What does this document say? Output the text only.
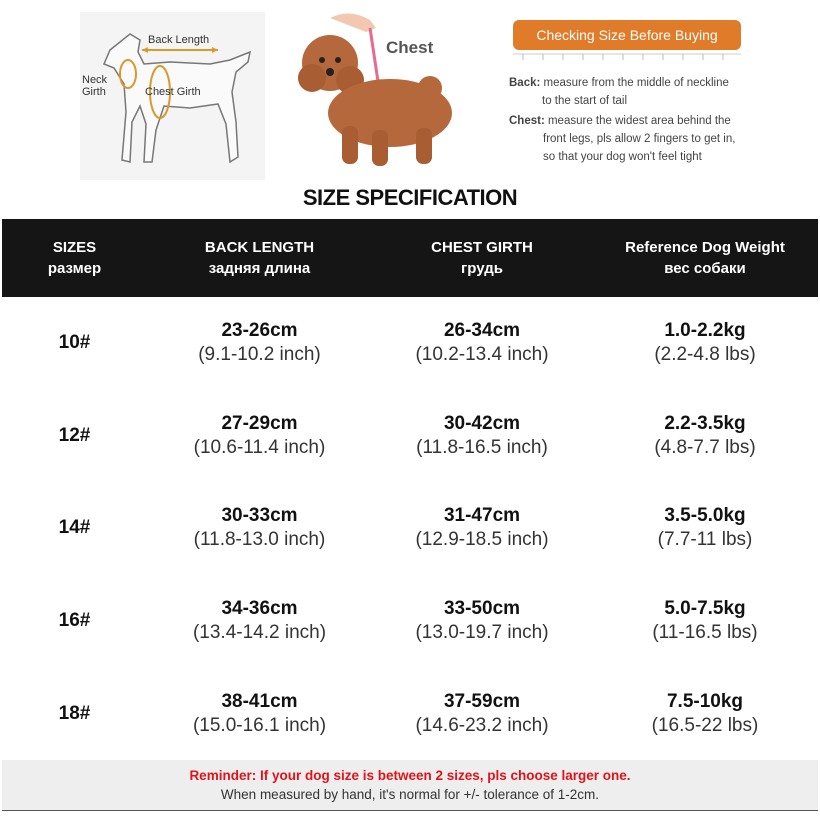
Back Length
Neck
Girth	Chest Girth
Chest
Checking Size Before Buying
Back: measure from the middle of neckline
to the start of tail
Chest: measure the widest area behind the
front legs, pls allow 2 fingers to get in,
so that your dog won't feel tight
SIZE SPECIFICATION
SIZES
размер
BACK LENGTH
задняя длина
CHEST GIRTH
грудь
Reference Dog Weight
вес собаки
10#
23-26cm
(9.1-10.2 inch)
26-34cm
(10.2-13.4 inch)
1.0-2.2kg
(2.2-4.8 lbs)
12#
27-29cm
(10.6-11.4 inch)
30-42cm
(11.8-16.5 inch)
2.2-3.5kg
(4.8-7.7 lbs)
14#
30-33cm
(11.8-13.0 inch)
31-47cm
(12.9-18.5 inch)
3.5-5.0kg
(7.7-11 lbs)
16#
34-36cm
(13.4-14.2 inch)
33-50cm
(13.0-19.7 inch)
5.0-7.5kg
(11-16.5 lbs)
18#
38-41cm
(15.0-16.1 inch)
37-59cm
(14.6-23.2 inch)
7.5-10kg
(16.5-22 lbs)
Reminder: If your dog size is between 2 sizes, pls choose larger one.
When measured by hand, it's normal for +/- tolerance of 1-2cm.
